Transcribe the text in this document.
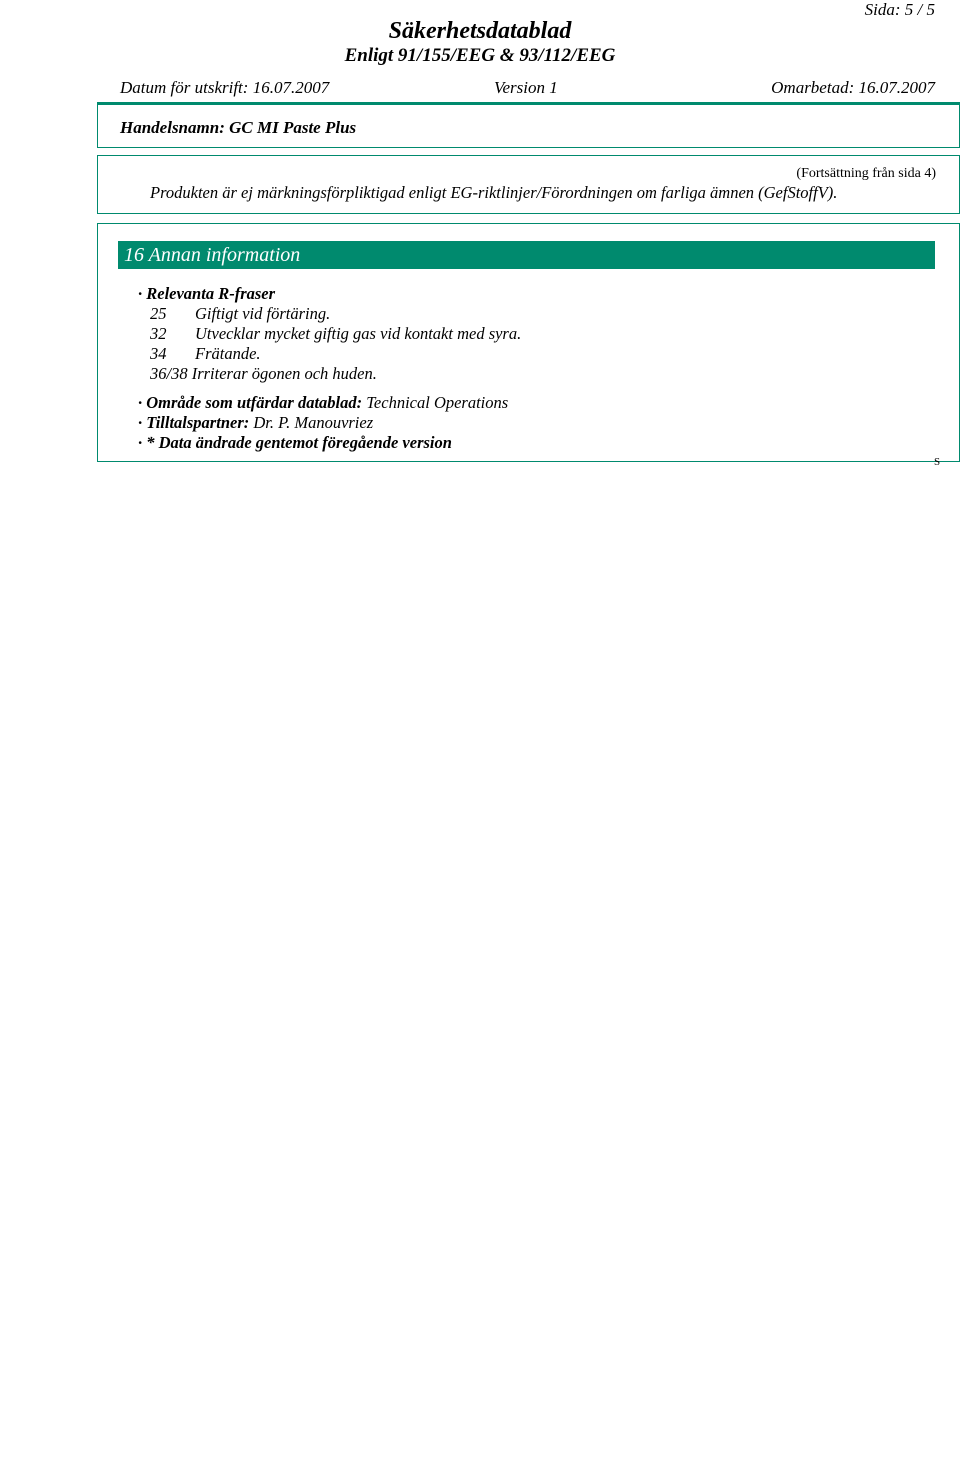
Sida: 5 / 5
Säkerhetsdatablad
Enligt 91/155/EEG & 93/112/EEG
Datum för utskrift: 16.07.2007	Version 1	Omarbetad: 16.07.2007
Handelsnamn: GC MI Paste Plus
(Fortsättning från sida 4)
Produkten är ej märkningsförpliktigad enligt EG-riktlinjer/Förordningen om farliga ämnen (GefStoffV).
16 Annan information
· Relevanta R-fraser
25 Giftigt vid förtäring.
32 Utvecklar mycket giftig gas vid kontakt med syra.
34 Frätande.
36/38 Irriterar ögonen och huden.
· Område som utfärdar datablad: Technical Operations
· Tilltalspartner: Dr. P. Manouvriez
· * Data ändrade gentemot föregående version
S
